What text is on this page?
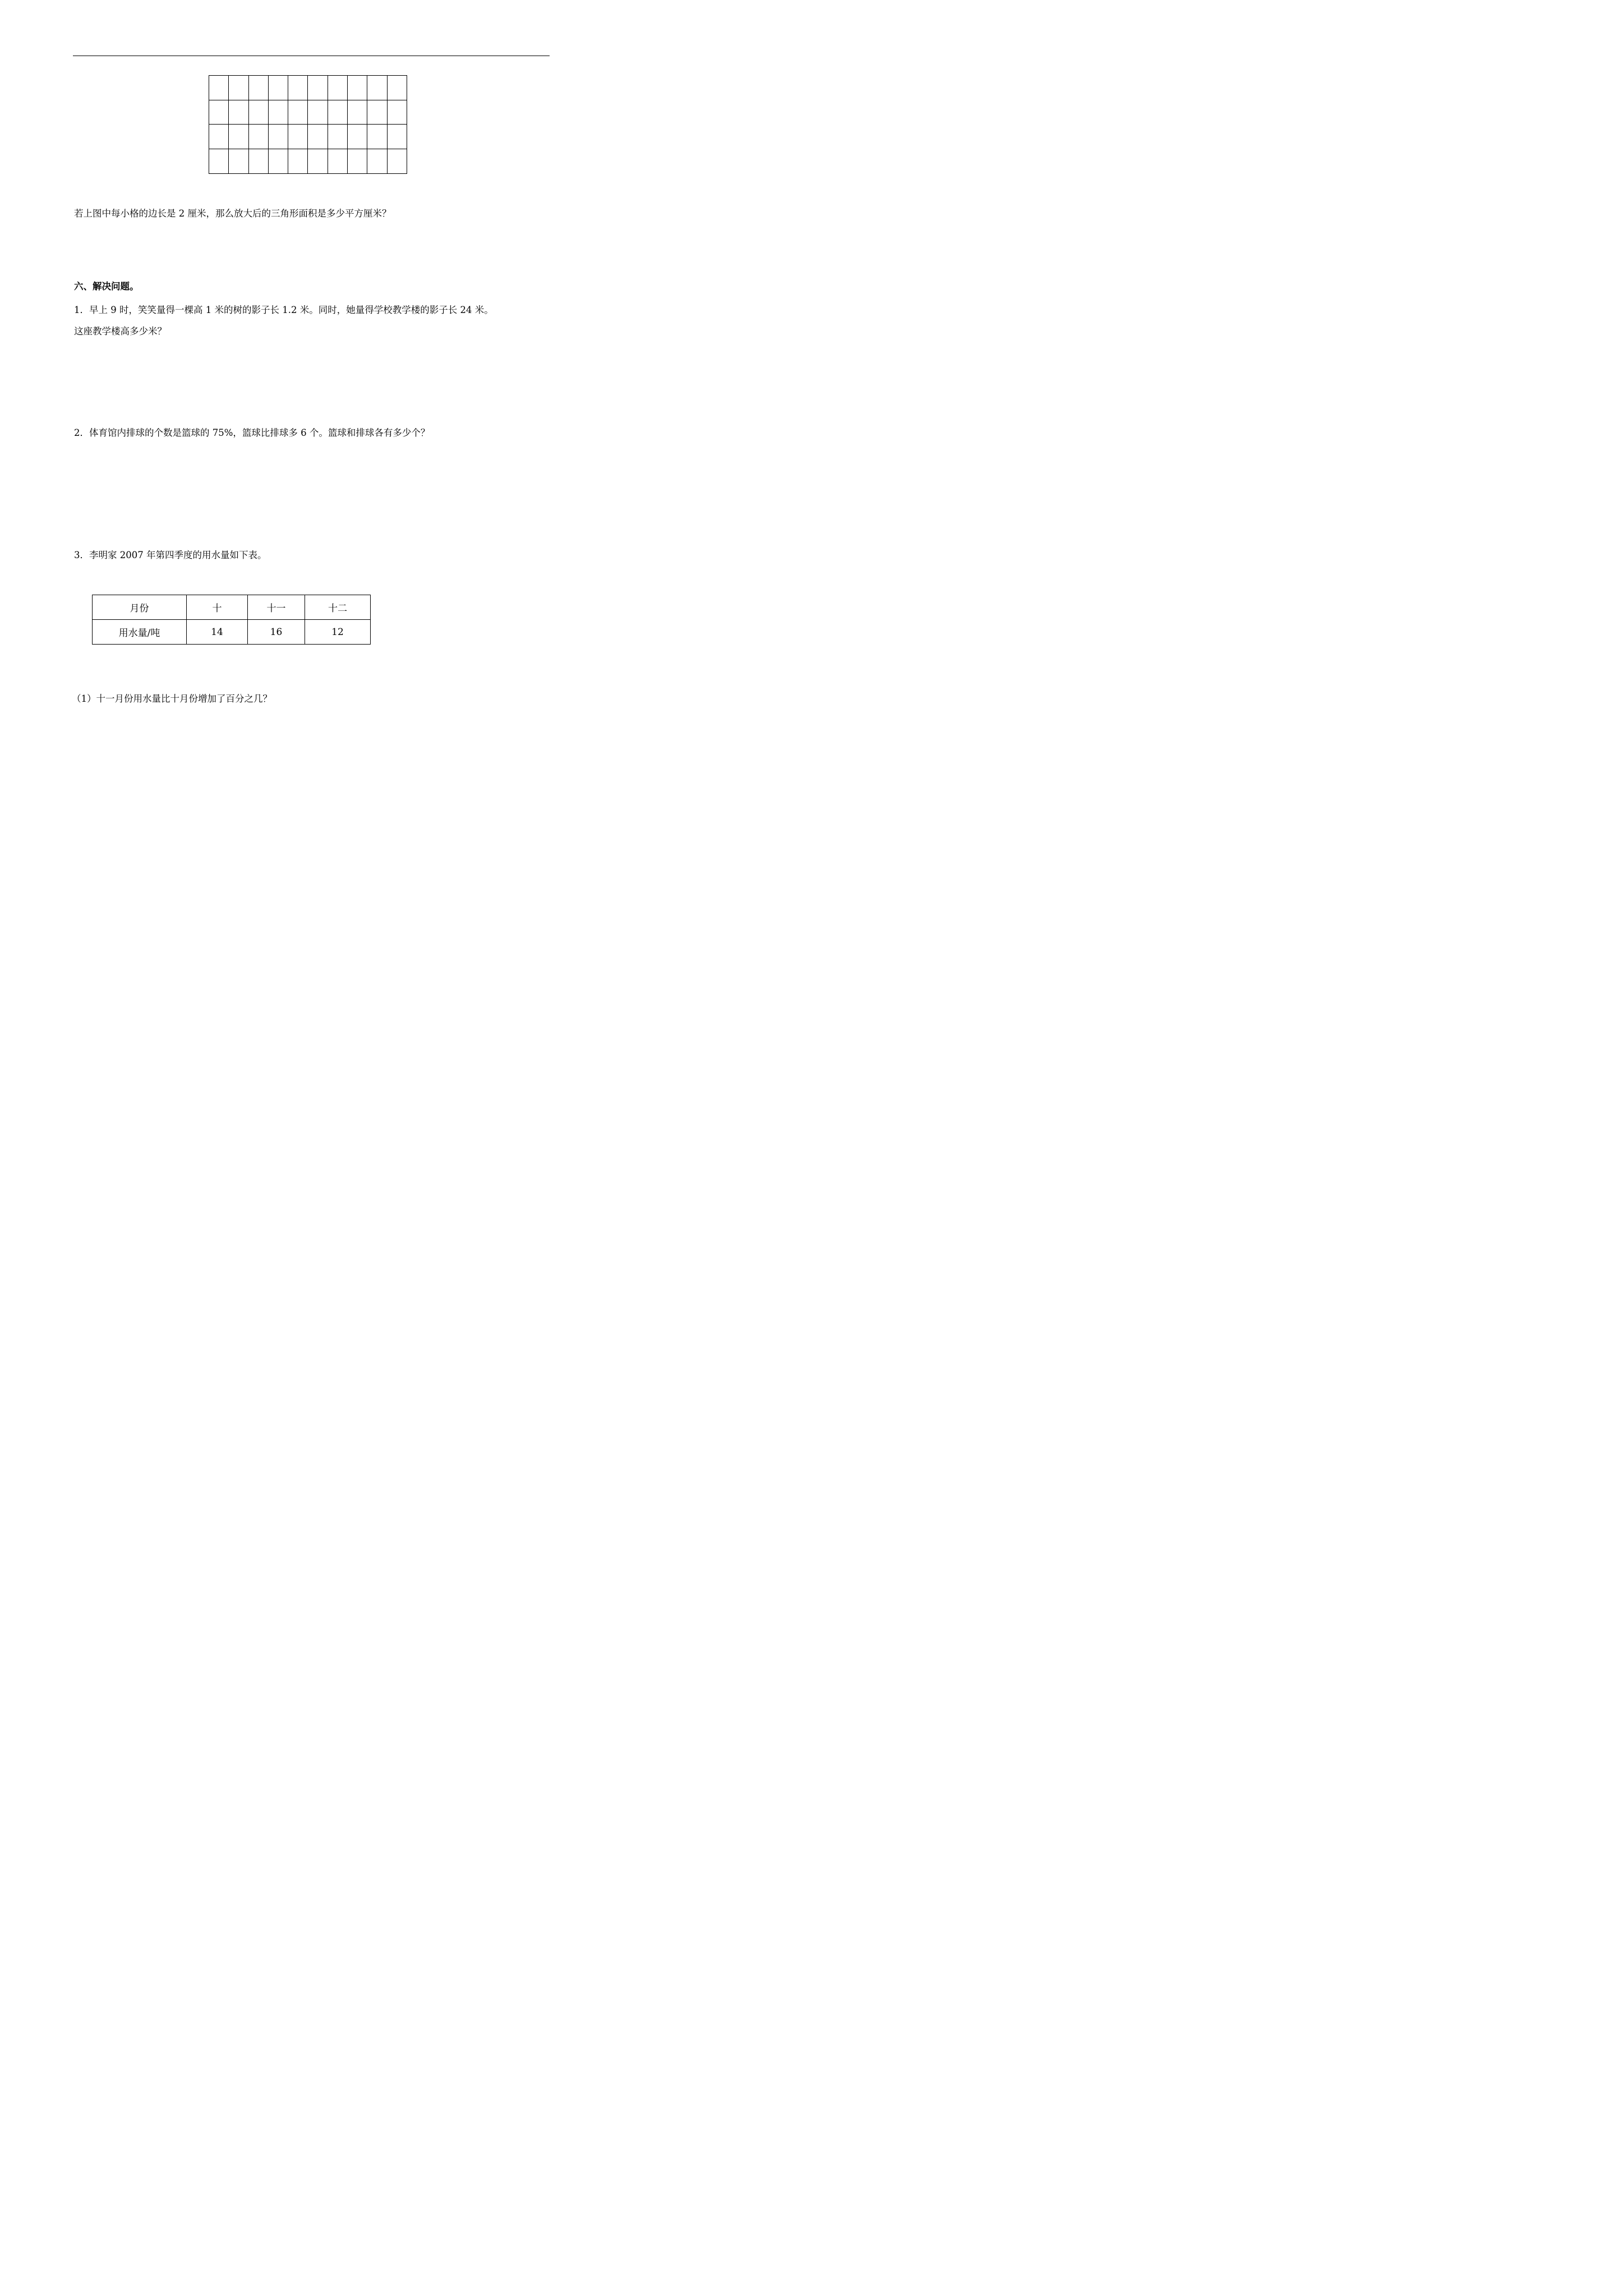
若上图中每小格的边长是 2 厘米，那么放大后的三角形面积是多少平方厘米？
六、解决问题。
1．早上 9 时，笑笑量得一棵高 1 米的树的影子长 1.2 米。同时，她量得学校教学楼的影子长 24 米。
这座教学楼高多少米？
2．体育馆内排球的个数是篮球的 75%，篮球比排球多 6 个。篮球和排球各有多少个？
3．李明家 2007 年第四季度的用水量如下表。
月份	十	十一	十二
用水量/吨	14	16	12
（1）十一月份用水量比十月份增加了百分之几？
